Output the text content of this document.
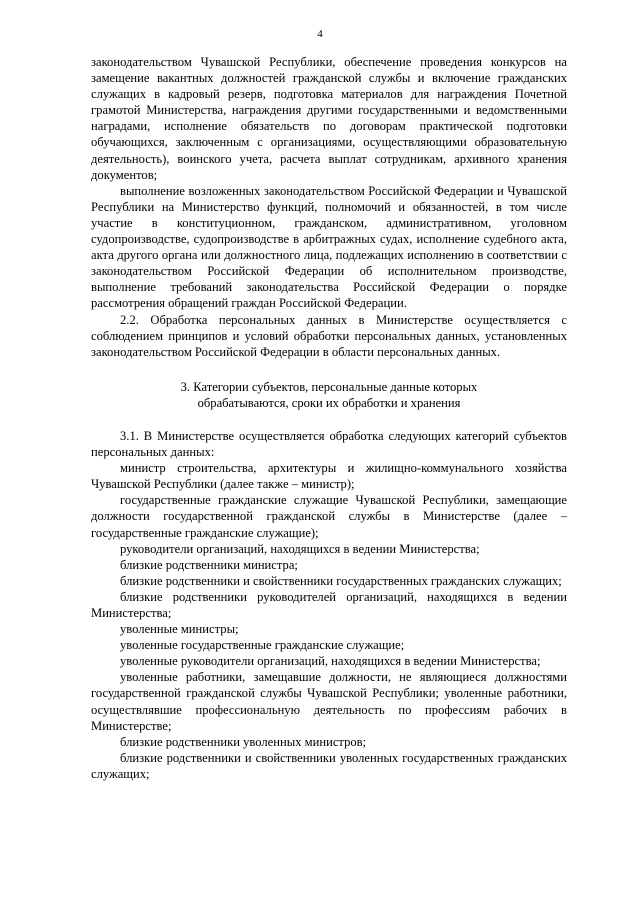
4

законодательством Чувашской Республики, обеспечение проведения конкурсов на замещение вакантных должностей гражданской службы и включение гражданских служащих в кадровый резерв, подготовка материалов для награждения Почетной грамотой Министерства, награждения другими государственными и ведомственными наградами, исполнение обязательств по договорам практической подготовки обучающихся, заключенным с организациями, осуществляющими образовательную деятельность), воинского учета, расчета выплат сотрудникам, архивного хранения документов;

выполнение возложенных законодательством Российской Федерации и Чувашской Республики на Министерство функций, полномочий и обязанностей, в том числе участие в конституционном, гражданском, административном, уголовном судопроизводстве, судопроизводстве в арбитражных судах, исполнение судебного акта, акта другого органа или должностного лица, подлежащих исполнению в соответствии с законодательством Российской Федерации об исполнительном производстве, выполнение требований законодательства Российской Федерации о порядке рассмотрения обращений граждан Российской Федерации.

2.2. Обработка персональных данных в Министерстве осуществляется с соблюдением принципов и условий обработки персональных данных, установленных законодательством Российской Федерации в области персональных данных.

3. Категории субъектов, персональные данные которых
обрабатываются, сроки их обработки и хранения

3.1. В Министерстве осуществляется обработка следующих категорий субъектов персональных данных:

министр строительства, архитектуры и жилищно-коммунального хозяйства Чувашской Республики (далее также – министр);

государственные гражданские служащие Чувашской Республики, замещающие должности государственной гражданской службы в Министерстве (далее – государственные гражданские служащие);

руководители организаций, находящихся в ведении Министерства;

близкие родственники министра;

близкие родственники и свойственники государственных гражданских служащих;

близкие родственники руководителей организаций, находящихся в ведении Министерства;

уволенные министры;

уволенные государственные гражданские служащие;

уволенные руководители организаций, находящихся в ведении Министерства;

уволенные работники, замещавшие должности, не являющиеся должностями государственной гражданской службы Чувашской Республики; уволенные работники, осуществлявшие профессиональную деятельность по профессиям рабочих в Министерстве;

близкие родственники уволенных министров;

близкие родственники и свойственники уволенных государственных гражданских служащих;
